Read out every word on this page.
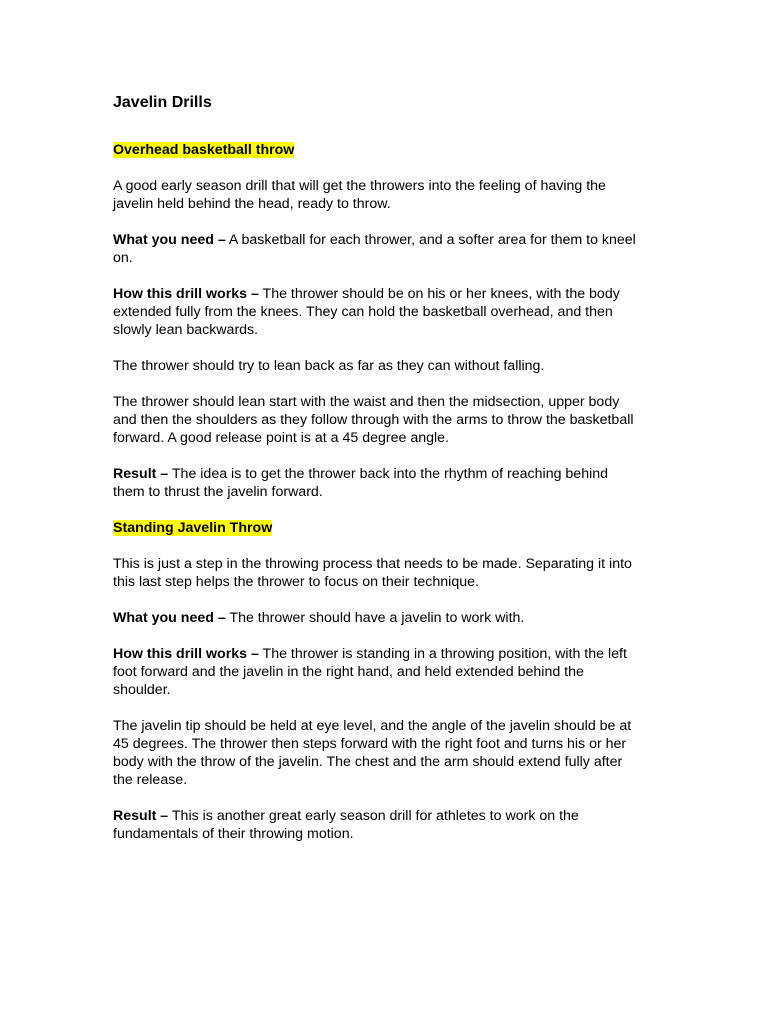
Javelin Drills
Overhead basketball throw

A good early season drill that will get the throwers into the feeling of having the javelin held behind the head, ready to throw.

What you need – A basketball for each thrower, and a softer area for them to kneel on.

How this drill works – The thrower should be on his or her knees, with the body extended fully from the knees. They can hold the basketball overhead, and then slowly lean backwards.

The thrower should try to lean back as far as they can without falling.

The thrower should lean start with the waist and then the midsection, upper body and then the shoulders as they follow through with the arms to throw the basketball forward. A good release point is at a 45 degree angle.

Result – The idea is to get the thrower back into the rhythm of reaching behind them to thrust the javelin forward.

Standing Javelin Throw

This is just a step in the throwing process that needs to be made. Separating it into this last step helps the thrower to focus on their technique.

What you need – The thrower should have a javelin to work with.

How this drill works – The thrower is standing in a throwing position, with the left foot forward and the javelin in the right hand, and held extended behind the shoulder.

The javelin tip should be held at eye level, and the angle of the javelin should be at 45 degrees. The thrower then steps forward with the right foot and turns his or her body with the throw of the javelin. The chest and the arm should extend fully after the release.

Result – This is another great early season drill for athletes to work on the fundamentals of their throwing motion.
